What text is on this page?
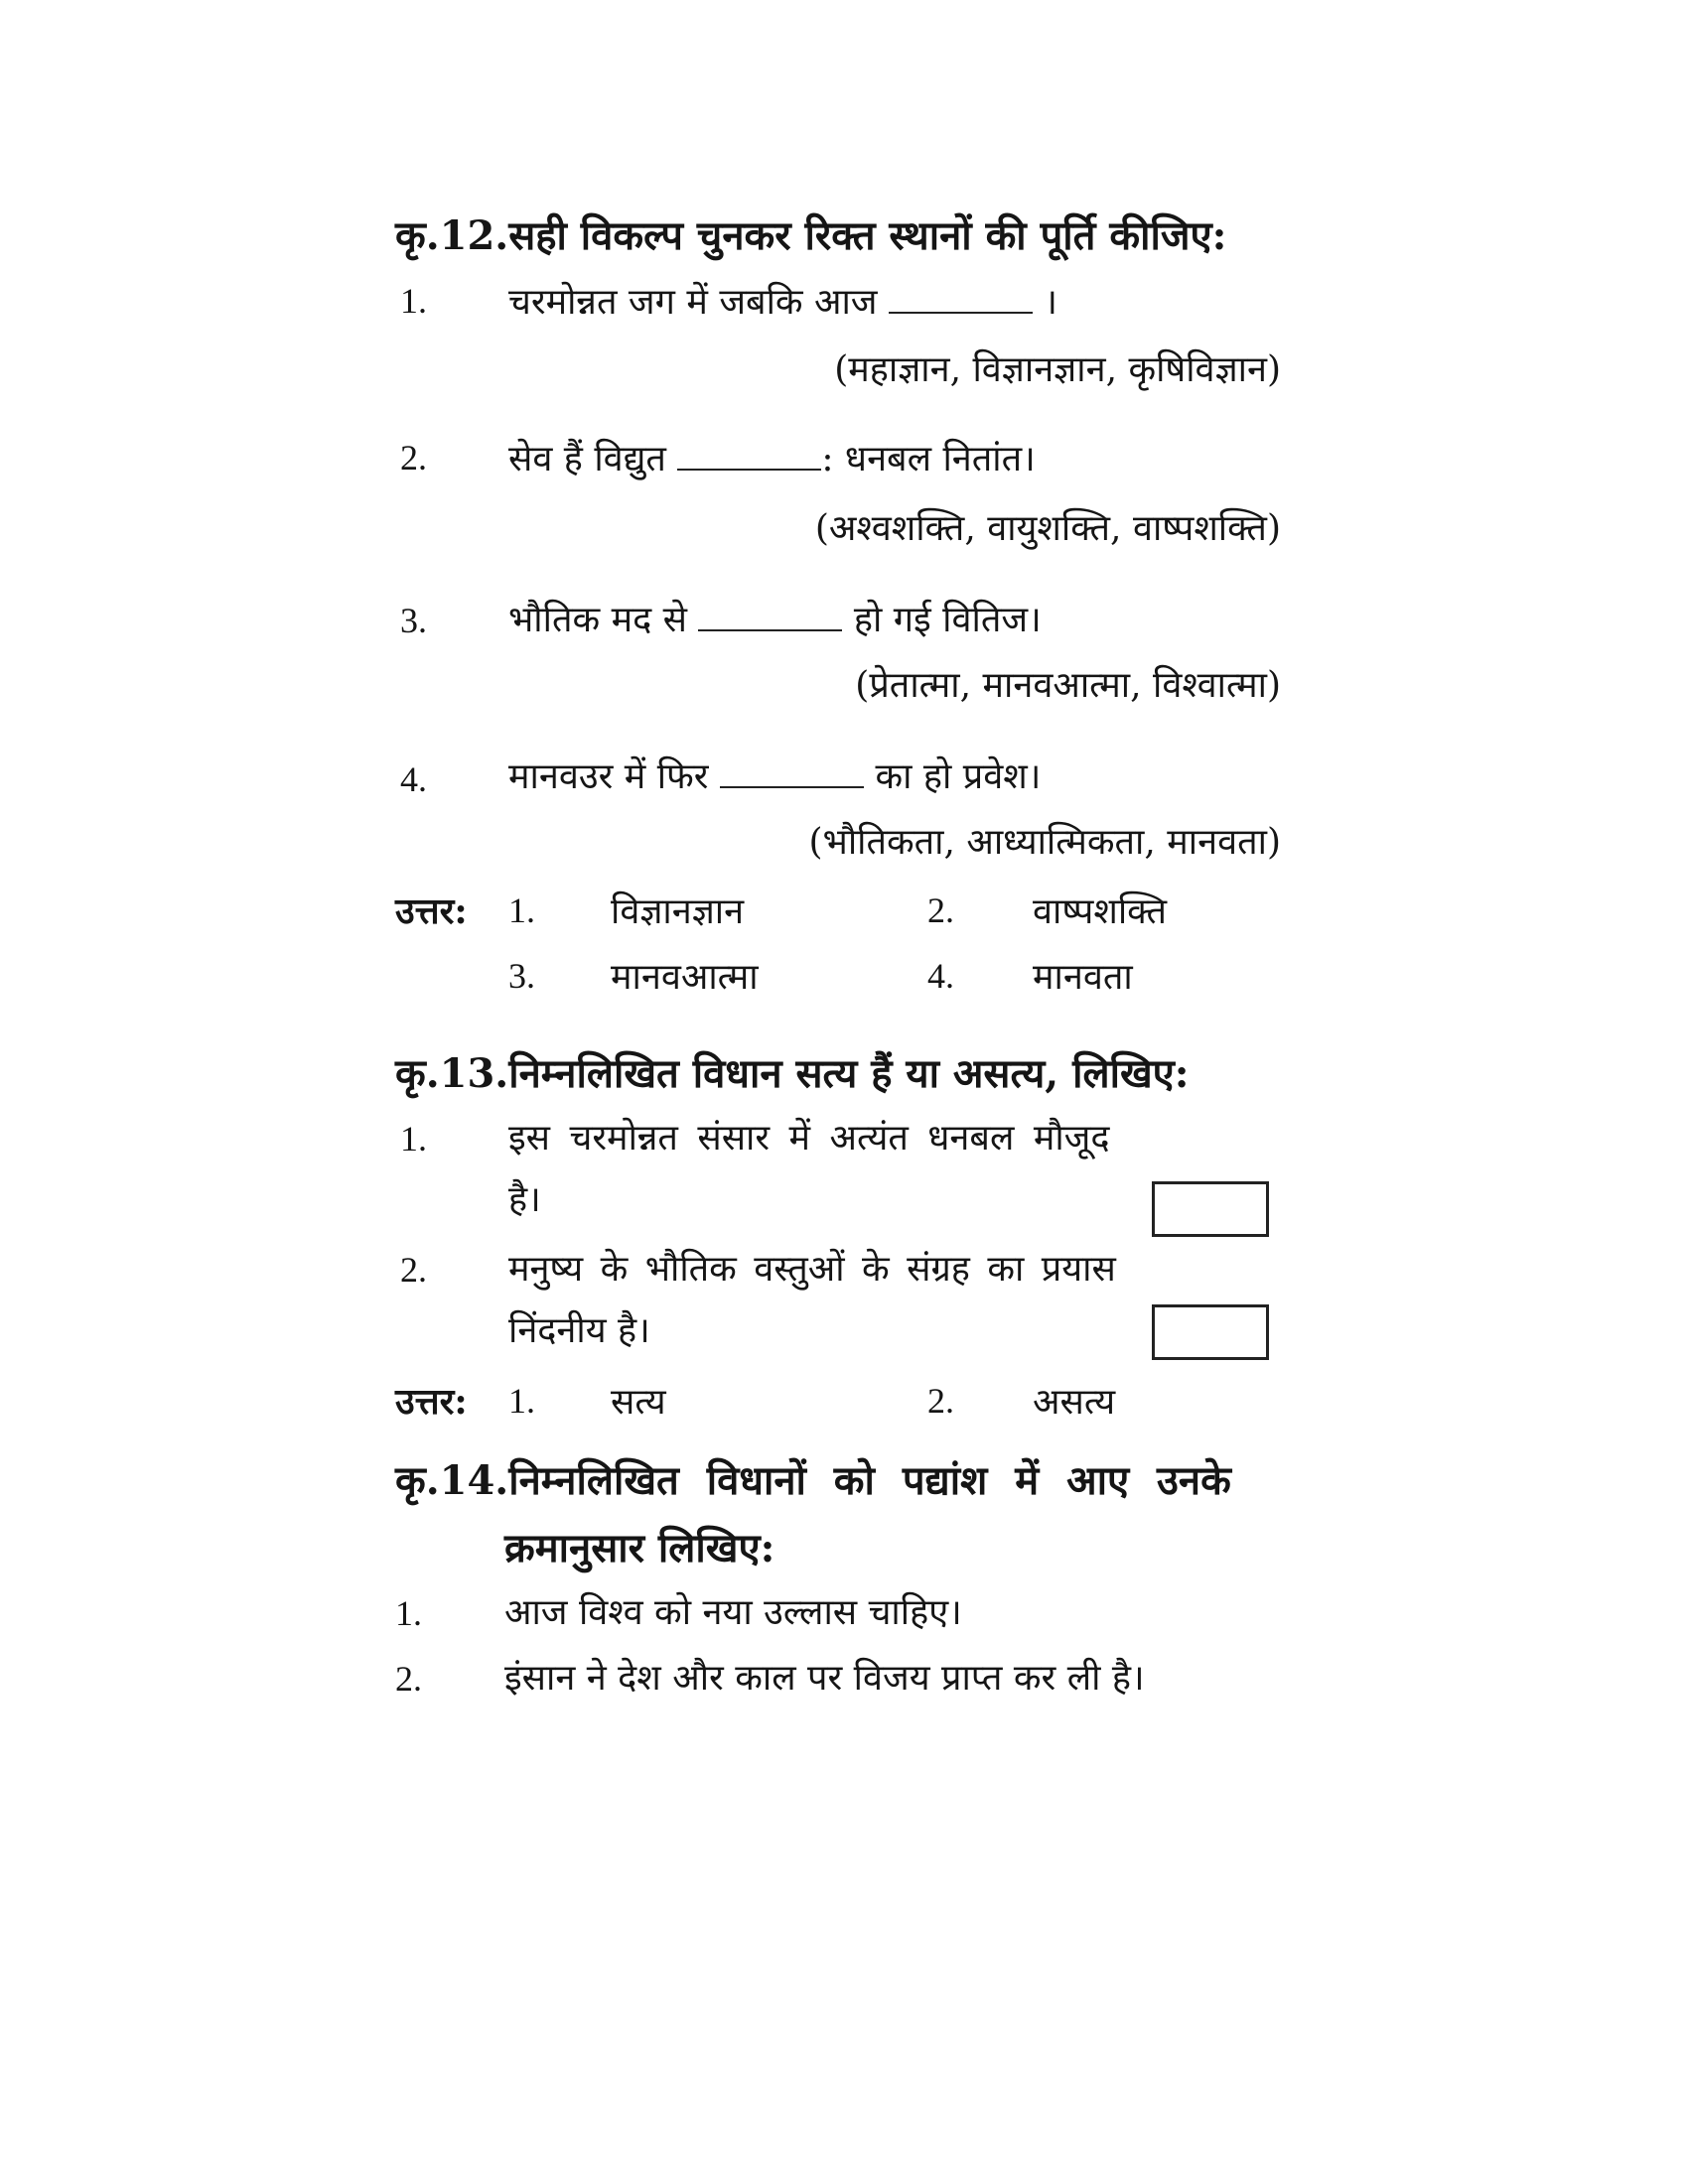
कृ.12.सही विकल्प चुनकर रिक्त स्थानों की पूर्ति कीजिए:
1. चरमोन्नत जग में जबकि आज	।
(महाज्ञान, विज्ञानज्ञान, कृषिविज्ञान)
2. सेव हैं विद्युत	: धनबल नितांत।
(अश्वशक्ति, वायुशक्ति, वाष्पशक्ति)
3. भौतिक मद से	हो गई वितिज।
(प्रेतात्मा, मानवआत्मा, विश्वात्मा)
4. मानवउर में फिर	का हो प्रवेश।
(भौतिकता, आध्यात्मिकता, मानवता)
उत्तर: 1. विज्ञानज्ञान	2. वाष्पशक्ति
3. मानवआत्मा	4. मानवता
कृ.13.निम्नलिखित विधान सत्य हैं या असत्य, लिखिए:
1. इस चरमोन्नत संसार में अत्यंत धनबल मौजूद
है।
2. मनुष्य के भौतिक वस्तुओं के संग्रह का प्रयास
निंदनीय है।
उत्तर: 1. सत्य	2. असत्य
कृ.14.निम्नलिखित विधानों को पद्यांश में आए उनके
क्रमानुसार लिखिए:
1. आज विश्व को नया उल्लास चाहिए।
2. इंसान ने देश और काल पर विजय प्राप्त कर ली है।
